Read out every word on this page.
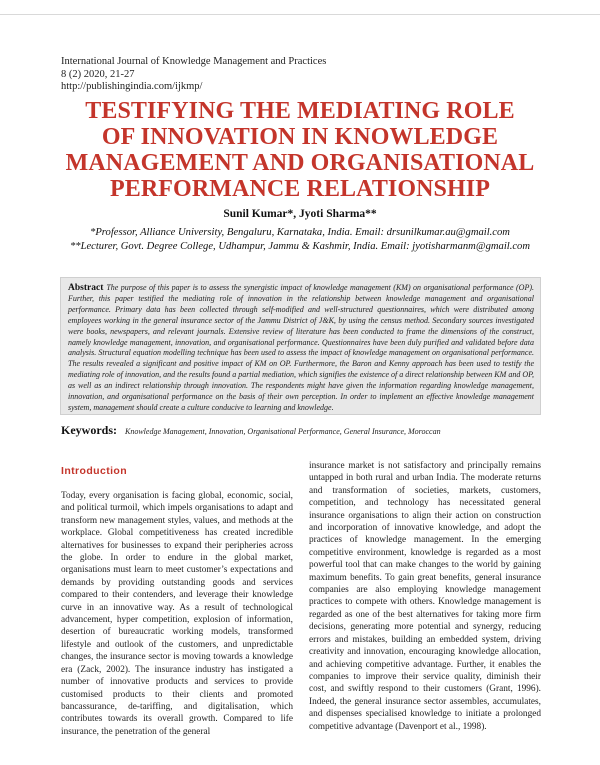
International Journal of Knowledge Management and Practices
8 (2) 2020, 21-27
http://publishingindia.com/ijkmp/
TESTIFYING THE MEDIATING ROLE
OF INNOVATION IN KNOWLEDGE
MANAGEMENT AND ORGANISATIONAL
PERFORMANCE RELATIONSHIP
Sunil Kumar*, Jyoti Sharma**
*Professor, Alliance University, Bengaluru, Karnataka, India. Email: drsunilkumar.au@gmail.com
**Lecturer, Govt. Degree College, Udhampur, Jammu & Kashmir, India. Email: jyotisharmanm@gmail.com
Abstract The purpose of this paper is to assess the synergistic impact of knowledge management (KM) on organisational performance (OP). Further, this paper testified the mediating role of innovation in the relationship between knowledge management and organisational performance. Primary data has been collected through self-modified and well-structured questionnaires, which were distributed among employees working in the general insurance sector of the Jammu District of J&K, by using the census method. Secondary sources investigated were books, newspapers, and relevant journals. Extensive review of literature has been conducted to frame the dimensions of the construct, namely knowledge management, innovation, and organisational performance. Questionnaires have been duly purified and validated before data analysis. Structural equation modelling technique has been used to assess the impact of knowledge management on organisational performance. The results revealed a significant and positive impact of KM on OP. Furthermore, the Baron and Kenny approach has been used to testify the mediating role of innovation, and the results found a partial mediation, which signifies the existence of a direct relationship between KM and OP, as well as an indirect relationship through innovation. The respondents might have given the information regarding knowledge management, innovation, and organisational performance on the basis of their own perception. In order to implement an effective knowledge management system, management should create a culture conducive to learning and knowledge.
Keywords: Knowledge Management, Innovation, Organisational Performance, General Insurance, Moroccan
Introduction
Today, every organisation is facing global, economic, social, and political turmoil, which impels organisations to adapt and transform new management styles, values, and methods at the workplace. Global competitiveness has created incredible alternatives for businesses to expand their peripheries across the globe. In order to endure in the global market, organisations must learn to meet customer’s expectations and demands by providing outstanding goods and services compared to their contenders, and leverage their knowledge curve in an innovative way. As a result of technological advancement, hyper competition, explosion of information, desertion of bureaucratic working models, transformed lifestyle and outlook of the customers, and unpredictable changes, the insurance sector is moving towards a knowledge era (Zack, 2002). The insurance industry has instigated a number of innovative products and services to provide customised products to their clients and promoted bancassurance, de-tariffing, and digitalisation, which contributes towards its overall growth. Compared to life insurance, the penetration of the general
insurance market is not satisfactory and principally remains untapped in both rural and urban India. The moderate returns and transformation of societies, markets, customers, competition, and technology has necessitated general insurance organisations to align their action on construction and incorporation of innovative knowledge, and adopt the practices of knowledge management. In the emerging competitive environment, knowledge is regarded as a most powerful tool that can make changes to the world by gaining maximum benefits. To gain great benefits, general insurance companies are also employing knowledge management practices to compete with others. Knowledge management is regarded as one of the best alternatives for taking more firm decisions, generating more potential and synergy, reducing errors and mistakes, building an embedded system, driving creativity and innovation, encouraging knowledge allocation, and achieving competitive advantage. Further, it enables the companies to improve their service quality, diminish their cost, and swiftly respond to their customers (Grant, 1996). Indeed, the general insurance sector assembles, accumulates, and dispenses specialised knowledge to initiate a prolonged competitive advantage (Davenport et al., 1998).
